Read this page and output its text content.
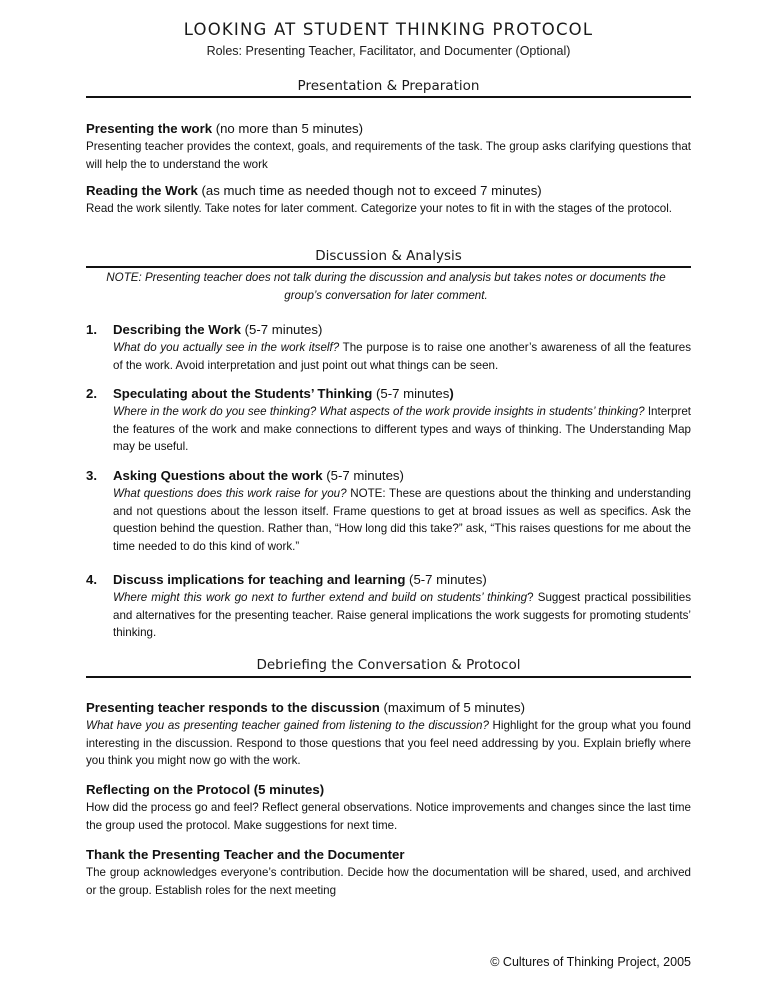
LOOKING AT STUDENT THINKING PROTOCOL
Roles: Presenting Teacher, Facilitator, and Documenter (Optional)
Presentation & Preparation

Presenting the work (no more than 5 minutes)

Presenting teacher provides the context, goals, and requirements of the task. The group asks clarifying questions that will help the to understand the work

Reading the Work (as much time as needed though not to exceed 7 minutes)

Read the work silently. Take notes for later comment. Categorize your notes to fit in with the stages of the protocol.

Discussion & Analysis
NOTE: Presenting teacher does not talk during the discussion and analysis but takes notes or documents the group’s conversation for later comment.
1. Describing the Work (5-7 minutes)

What do you actually see in the work itself? The purpose is to raise one another’s awareness of all the features of the work. Avoid interpretation and just point out what things can be seen.

2. Speculating about the Students’ Thinking (5-7 minutes)

Where in the work do you see thinking? What aspects of the work provide insights in students’ thinking? Interpret the features of the work and make connections to different types and ways of thinking. The Understanding Map may be useful.

3. Asking Questions about the work (5-7 minutes)

What questions does this work raise for you? NOTE: These are questions about the thinking and understanding and not questions about the lesson itself. Frame questions to get at broad issues as well as specifics. Ask the question behind the question. Rather than, “How long did this take?” ask, “This raises questions for me about the time needed to do this kind of work.”

4. Discuss implications for teaching and learning (5-7 minutes)

Where might this work go next to further extend and build on students’ thinking? Suggest practical possibilities and alternatives for the presenting teacher. Raise general implications the work suggests for promoting students’ thinking.

Debriefing the Conversation & Protocol

Presenting teacher responds to the discussion (maximum of 5 minutes)

What have you as presenting teacher gained from listening to the discussion? Highlight for the group what you found interesting in the discussion. Respond to those questions that you feel need addressing by you. Explain briefly where you think you might now go with the work.

Reflecting on the Protocol (5 minutes)

How did the process go and feel? Reflect general observations. Notice improvements and changes since the last time the group used the protocol. Make suggestions for next time.

Thank the Presenting Teacher and the Documenter

The group acknowledges everyone’s contribution. Decide how the documentation will be shared, used, and archived or the group. Establish roles for the next meeting

© Cultures of Thinking Project, 2005
